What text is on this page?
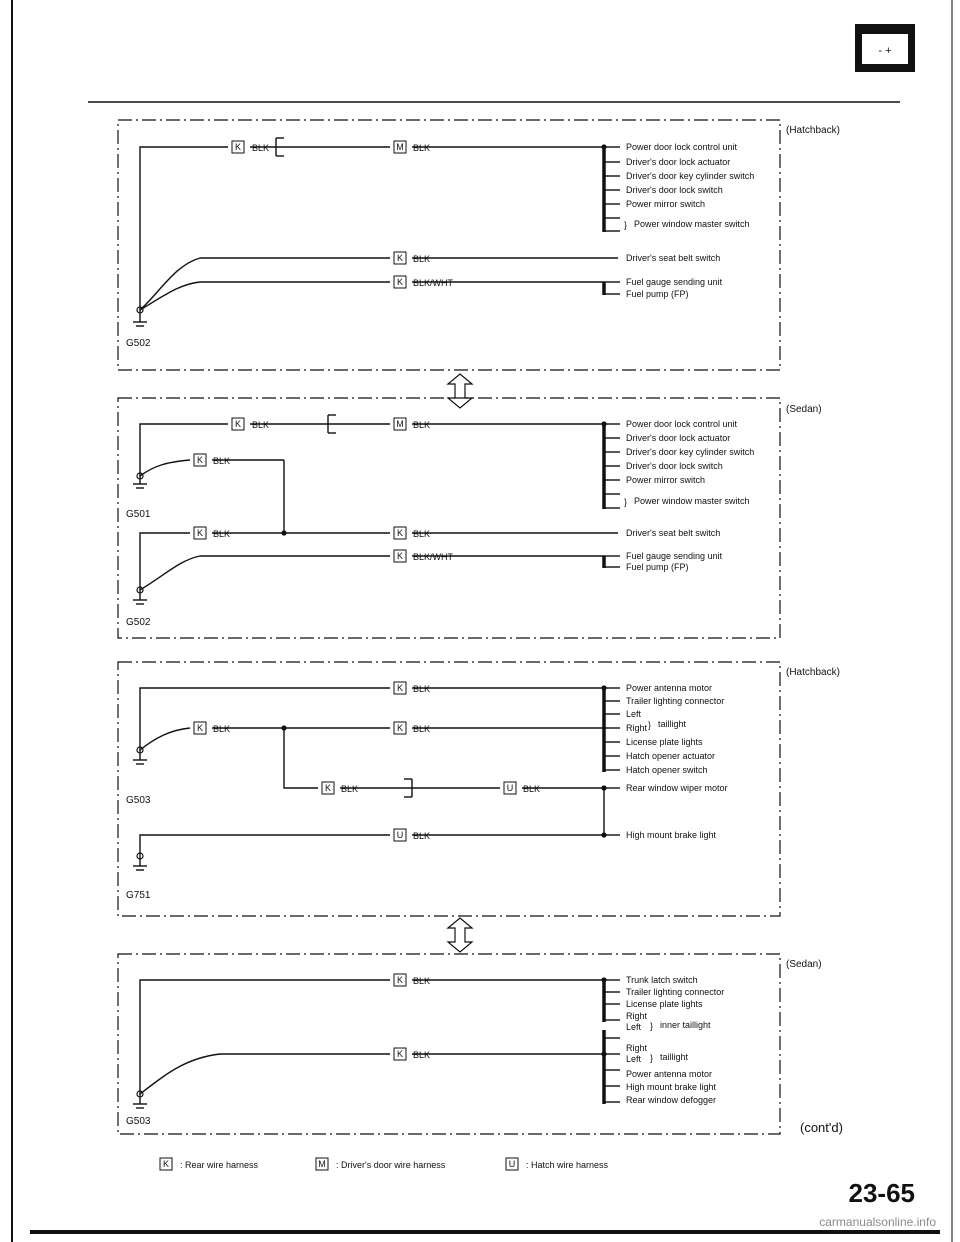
- +
(Hatchback)
G502
K BLK	M BLK
K BLK
K BLK/WHT
Power door lock control unit
Driver's door lock actuator
Driver's door key cylinder switch
Driver's door lock switch
Power mirror switch
} Power window master switch
Driver's seat belt switch
Fuel gauge sending unit
Fuel pump (FP)
(Sedan)
G501
G502
K BLK	M BLK
K BLK
K BLK	K BLK
K BLK/WHT
Power door lock control unit
Driver's door lock actuator
Driver's door key cylinder switch
Driver's door lock switch
Power mirror switch
} Power window master switch
Driver's seat belt switch
Fuel gauge sending unit
Fuel pump (FP)
(Hatchback)
G503
G751
K BLK
K BLK	K BLK
K BLK	U BLK
U BLK
Power antenna motor
Trailer lighting connector
Left
Right } taillight
License plate lights
Hatch opener actuator
Hatch opener switch
Rear window wiper motor
High mount brake light
(Sedan)
G503
K BLK
K BLK
Trunk latch switch
Trailer lighting connector
License plate lights
Right
Left } inner taillight
Right
Left } taillight
Power antenna motor
High mount brake light
Rear window defogger
(cont'd)
K : Rear wire harness	M : Driver's door wire harness	U : Hatch wire harness
23-65
carmanualsonline.info
